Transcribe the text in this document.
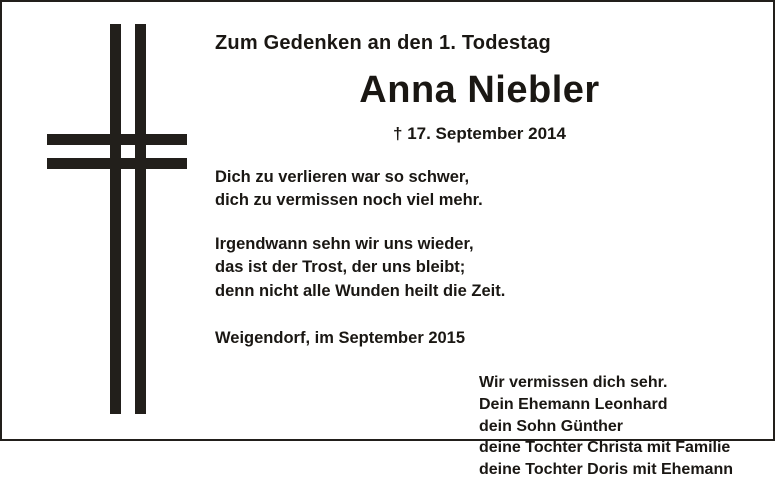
Zum Gedenken an den 1. Todestag
Anna Niebler
† 17. September 2014
Dich zu verlieren war so schwer,
dich zu vermissen noch viel mehr.
Irgendwann sehn wir uns wieder,
das ist der Trost, der uns bleibt;
denn nicht alle Wunden heilt die Zeit.
Weigendorf, im September 2015
Wir vermissen dich sehr.
Dein Ehemann Leonhard
dein Sohn Günther
deine Tochter Christa mit Familie
deine Tochter Doris mit Ehemann
